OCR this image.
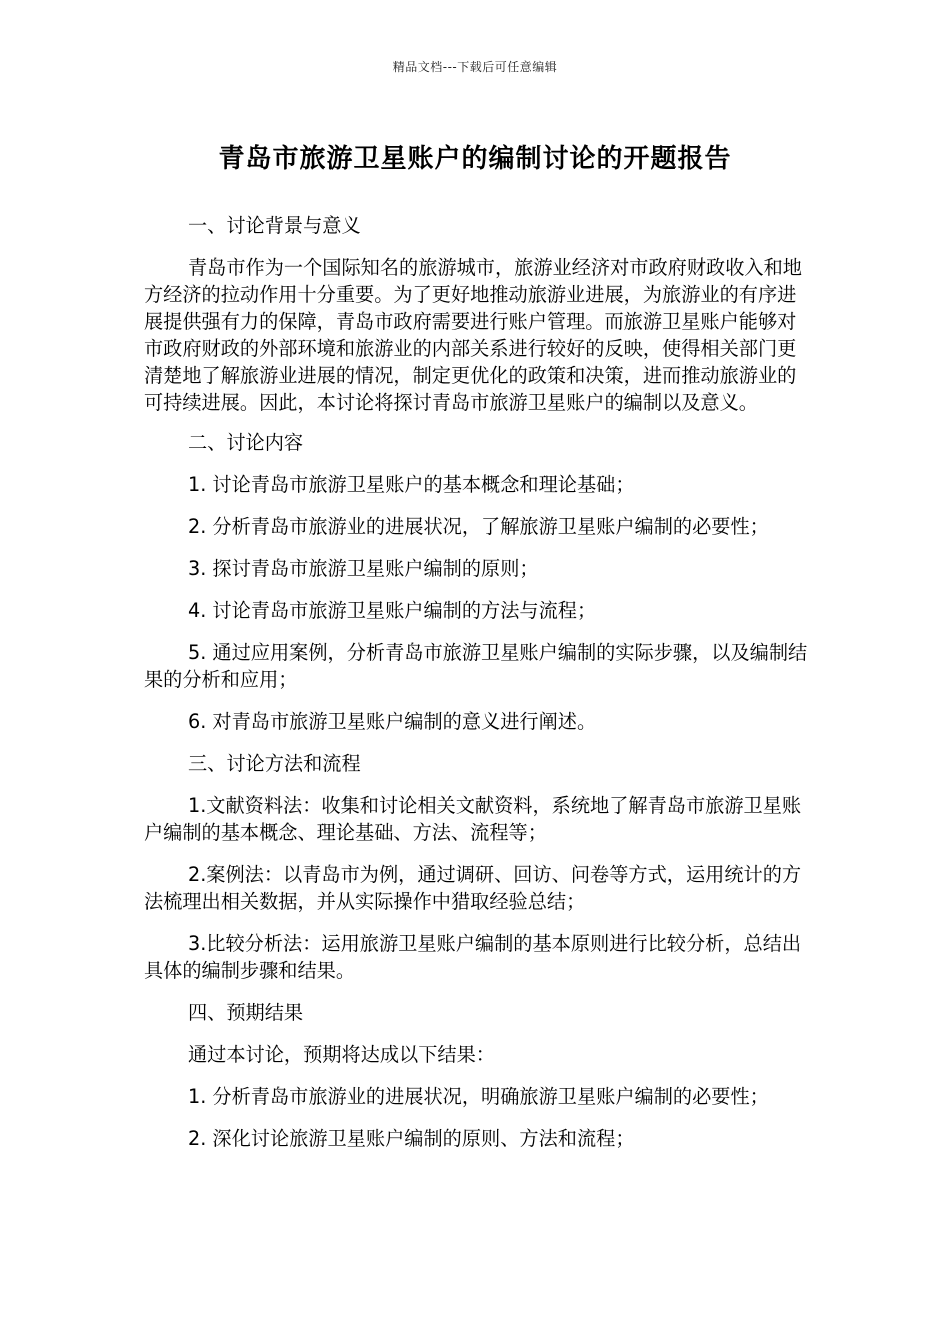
精品文档---下载后可任意编辑
青岛市旅游卫星账户的编制讨论的开题报告

一、讨论背景与意义

青岛市作为一个国际知名的旅游城市，旅游业经济对市政府财政收入和地方经济的拉动作用十分重要。为了更好地推动旅游业进展，为旅游业的有序进展提供强有力的保障，青岛市政府需要进行账户管理。而旅游卫星账户能够对市政府财政的外部环境和旅游业的内部关系进行较好的反映，使得相关部门更清楚地了解旅游业进展的情况，制定更优化的政策和决策，进而推动旅游业的可持续进展。因此，本讨论将探讨青岛市旅游卫星账户的编制以及意义。

二、讨论内容

1. 讨论青岛市旅游卫星账户的基本概念和理论基础；

2. 分析青岛市旅游业的进展状况，了解旅游卫星账户编制的必要性；

3. 探讨青岛市旅游卫星账户编制的原则；

4. 讨论青岛市旅游卫星账户编制的方法与流程；

5. 通过应用案例，分析青岛市旅游卫星账户编制的实际步骤，以及编制结果的分析和应用；

6. 对青岛市旅游卫星账户编制的意义进行阐述。

三、讨论方法和流程

1.文献资料法：收集和讨论相关文献资料，系统地了解青岛市旅游卫星账户编制的基本概念、理论基础、方法、流程等；

2.案例法：以青岛市为例，通过调研、回访、问卷等方式，运用统计的方法梳理出相关数据，并从实际操作中猎取经验总结；

3.比较分析法：运用旅游卫星账户编制的基本原则进行比较分析，总结出具体的编制步骤和结果。

四、预期结果

通过本讨论，预期将达成以下结果：

1. 分析青岛市旅游业的进展状况，明确旅游卫星账户编制的必要性；

2. 深化讨论旅游卫星账户编制的原则、方法和流程；
